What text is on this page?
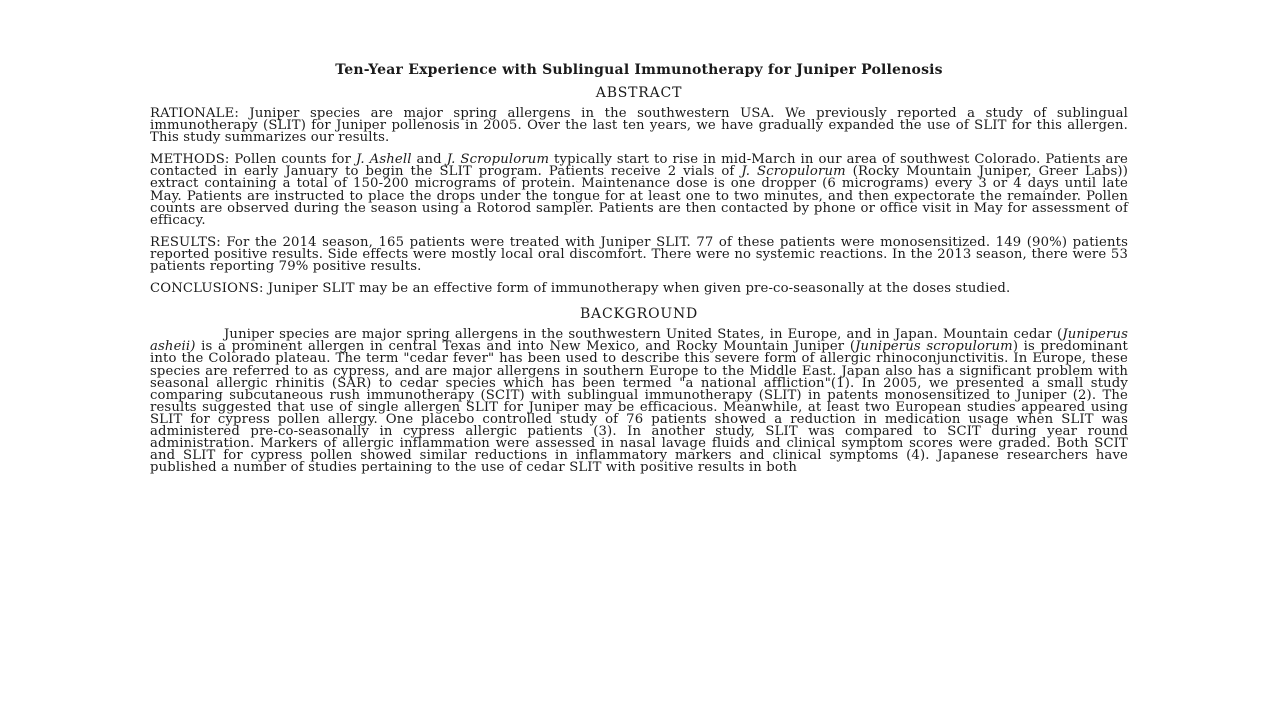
Ten-Year Experience with Sublingual Immunotherapy for Juniper Pollenosis
ABSTRACT

RATIONALE: Juniper species are major spring allergens in the southwestern USA. We previously reported a study of sublingual immunotherapy (SLIT) for Juniper pollenosis in 2005. Over the last ten years, we have gradually expanded the use of SLIT for this allergen. This study summarizes our results.

METHODS: Pollen counts for J. Ashell and J. Scropulorum typically start to rise in mid-March in our area of southwest Colorado. Patients are contacted in early January to begin the SLIT program. Patients receive 2 vials of J. Scropulorum (Rocky Mountain Juniper, Greer Labs)) extract containing a total of 150-200 micrograms of protein. Maintenance dose is one dropper (6 micrograms) every 3 or 4 days until late May. Patients are instructed to place the drops under the tongue for at least one to two minutes, and then expectorate the remainder. Pollen counts are observed during the season using a Rotorod sampler. Patients are then contacted by phone or office visit in May for assessment of efficacy.

RESULTS: For the 2014 season, 165 patients were treated with Juniper SLIT. 77 of these patients were monosensitized. 149 (90%) patients reported positive results. Side effects were mostly local oral discomfort. There were no systemic reactions. In the 2013 season, there were 53 patients reporting 79% positive results.

CONCLUSIONS: Juniper SLIT may be an effective form of immunotherapy when given pre-co-seasonally at the doses studied.

BACKGROUND

Juniper species are major spring allergens in the southwestern United States, in Europe, and in Japan. Mountain cedar (Juniperus asheii) is a prominent allergen in central Texas and into New Mexico, and Rocky Mountain Juniper (Juniperus scropulorum) is predominant into the Colorado plateau. The term "cedar fever" has been used to describe this severe form of allergic rhinoconjunctivitis. In Europe, these species are referred to as cypress, and are major allergens in southern Europe to the Middle East. Japan also has a significant problem with seasonal allergic rhinitis (SAR) to cedar species which has been termed "a national affliction"(1). In 2005, we presented a small study comparing subcutaneous rush immunotherapy (SCIT) with sublingual immunotherapy (SLIT) in patents monosensitized to Juniper (2). The results suggested that use of single allergen SLIT for Juniper may be efficacious. Meanwhile, at least two European studies appeared using SLIT for cypress pollen allergy. One placebo controlled study of 76 patients showed a reduction in medication usage when SLIT was administered pre-co-seasonally in cypress allergic patients (3). In another study, SLIT was compared to SCIT during year round administration. Markers of allergic inflammation were assessed in nasal lavage fluids and clinical symptom scores were graded. Both SCIT and SLIT for cypress pollen showed similar reductions in inflammatory markers and clinical symptoms (4). Japanese researchers have published a number of studies pertaining to the use of cedar SLIT with positive results in both
